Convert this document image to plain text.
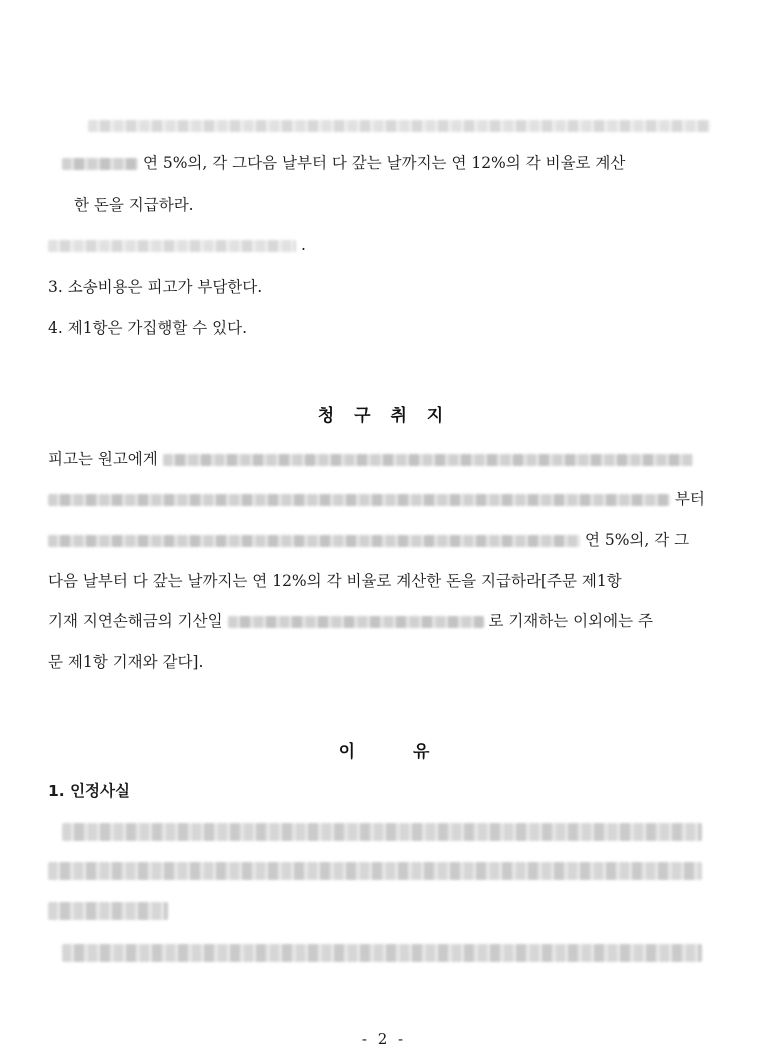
연 5%의, 각 그다음 날부터 다 갚는 날까지는 연 12%의 각 비율로 계산
한 돈을 지급하라.
.
3. 소송비용은 피고가 부담한다.
4. 제1항은 가집행할 수 있다.
청 구 취 지
피고는 원고에게
부터
연 5%의, 각 그
다음 날부터 다 갚는 날까지는 연 12%의 각 비율로 계산한 돈을 지급하라[주문 제1항
기재 지연손해금의 기산일	로 기재하는 이외에는 주
문 제1항 기재와 같다].
이 유
1. 인정사실
- 2 -
